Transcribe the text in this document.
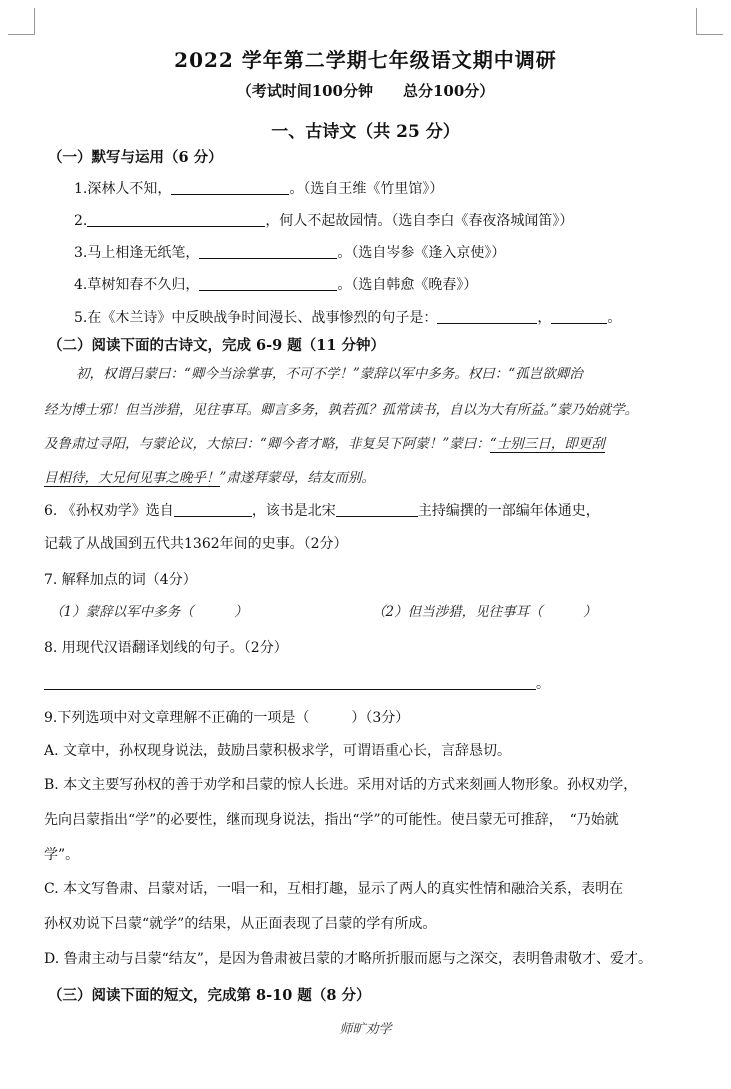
2022 学年第二学期七年级语文期中调研
（考试时间100分钟　　总分100分）
一、古诗文（共 25 分）
（一）默写与运用（6 分）
1.深林人不知，	。（选自王维《竹里馆》）
2.	，何人不起故园情。（选自李白《春夜洛城闻笛》）
3.马上相逢无纸笔，	。（选自岑参《逢入京使》）
4.草树知春不久归，	。（选自韩愈《晚春》）
5.在《木兰诗》中反映战争时间漫长、战事惨烈的句子是：	，	。
（二）阅读下面的古诗文，完成 6-9 题（11 分钟）
初，权谓吕蒙曰：“卿今当涂掌事，不可不学！”蒙辞以军中多务。权曰：“孤岂欲卿治
经为博士邪！但当涉猎，见往事耳。卿言多务，孰若孤？孤常读书，自以为大有所益。”蒙乃始就学。
及鲁肃过寻阳，与蒙论议，大惊曰：“卿今者才略，非复吴下阿蒙！”蒙曰：“士别三日，即更刮
目相待，大兄何见事之晚乎！”肃遂拜蒙母，结友而别。
6. 《孙权劝学》选自	，该书是北宋	主持编撰的一部编年体通史，
记载了从战国到五代共1362年间的史事。（2分）
7. 解释加点的词（4分）
（1）蒙辞以军中多务（　　　）	（2）但当涉猎，见往事耳（　　　）
8. 用现代汉语翻译划线的句子。（2分）
。
9.下列选项中对文章理解不正确的一项是（　　　）（3分）
A. 文章中，孙权现身说法，鼓励吕蒙积极求学，可谓语重心长，言辞恳切。
B. 本文主要写孙权的善于劝学和吕蒙的惊人长进。采用对话的方式来刻画人物形象。孙权劝学，
先向吕蒙指出“学”的必要性，继而现身说法，指出“学”的可能性。使吕蒙无可推辞，　“乃始就
学”。
C. 本文写鲁肃、吕蒙对话，一唱一和，互相打趣，显示了两人的真实性情和融洽关系，表明在
孙权劝说下吕蒙“就学”的结果，从正面表现了吕蒙的学有所成。
D. 鲁肃主动与吕蒙“结友”，是因为鲁肃被吕蒙的才略所折服而愿与之深交，表明鲁肃敬才、爱才。
（三）阅读下面的短文，完成第 8-10 题（8 分）
师旷劝学
